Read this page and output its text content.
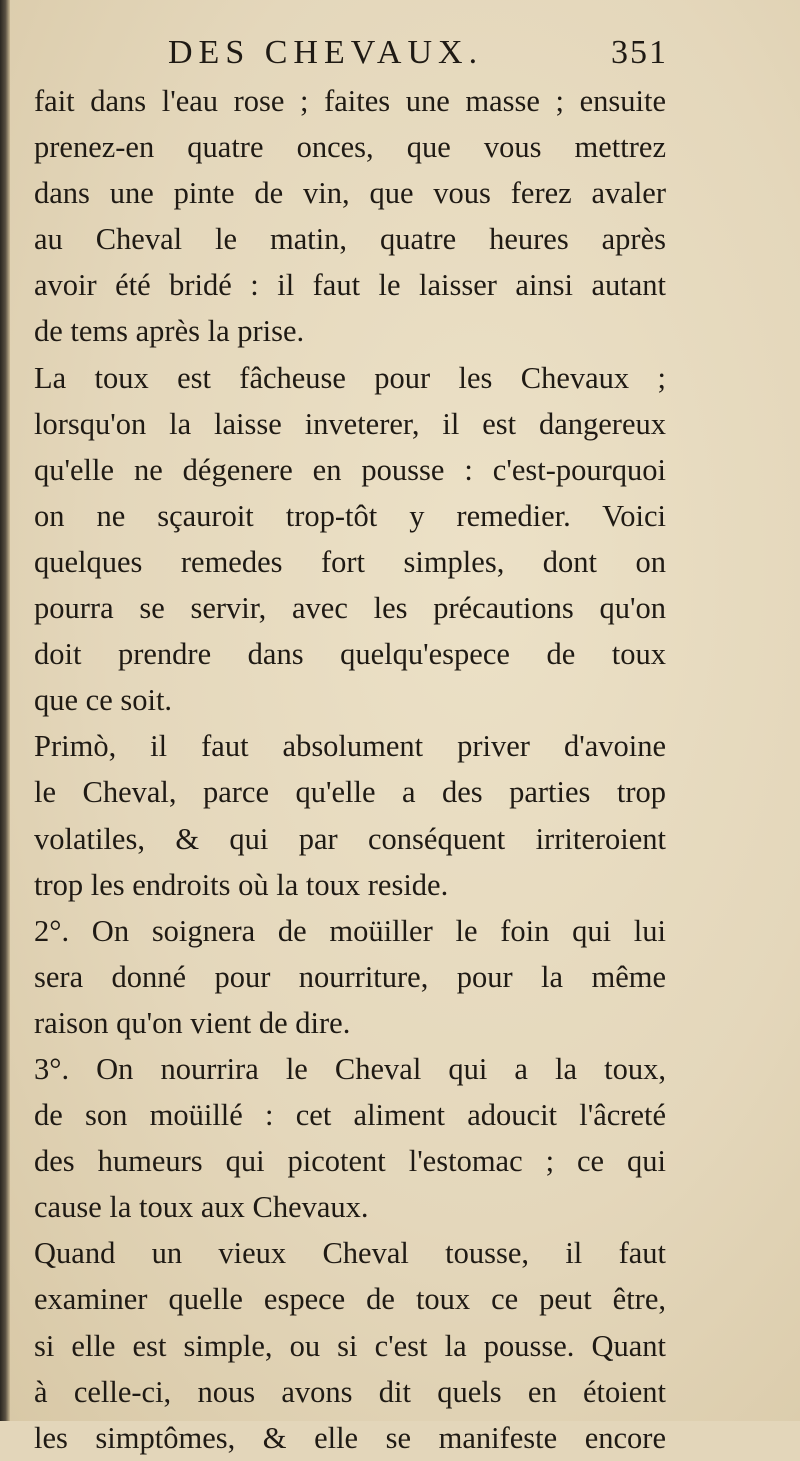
DES CHEVAUX.	351
fait dans l'eau rose ; faites une masse ; ensuite
prenez-en quatre onces, que vous mettrez
dans une pinte de vin, que vous ferez avaler
au Cheval le matin, quatre heures après
avoir été bridé : il faut le laisser ainsi autant
de tems après la prise.
La toux est fâcheuse pour les Chevaux ;
lorsqu'on la laisse inveterer, il est dangereux
qu'elle ne dégenere en pousse : c'est-pourquoi
on ne sçauroit trop-tôt y remedier. Voici
quelques remedes fort simples, dont on
pourra se servir, avec les précautions qu'on
doit prendre dans quelqu'espece de toux
que ce soit.
Primò, il faut absolument priver d'avoine
le Cheval, parce qu'elle a des parties trop
volatiles, & qui par conséquent irriteroient
trop les endroits où la toux reside.
2°. On soignera de moüiller le foin qui lui
sera donné pour nourriture, pour la même
raison qu'on vient de dire.
3°. On nourrira le Cheval qui a la toux,
de son moüillé : cet aliment adoucit l'âcreté
des humeurs qui picotent l'estomac ; ce qui
cause la toux aux Chevaux.
Quand un vieux Cheval tousse, il faut
examiner quelle espece de toux ce peut être,
si elle est simple, ou si c'est la pousse. Quant
à celle-ci, nous avons dit quels en étoient
les simptômes, & elle se manifeste encore
